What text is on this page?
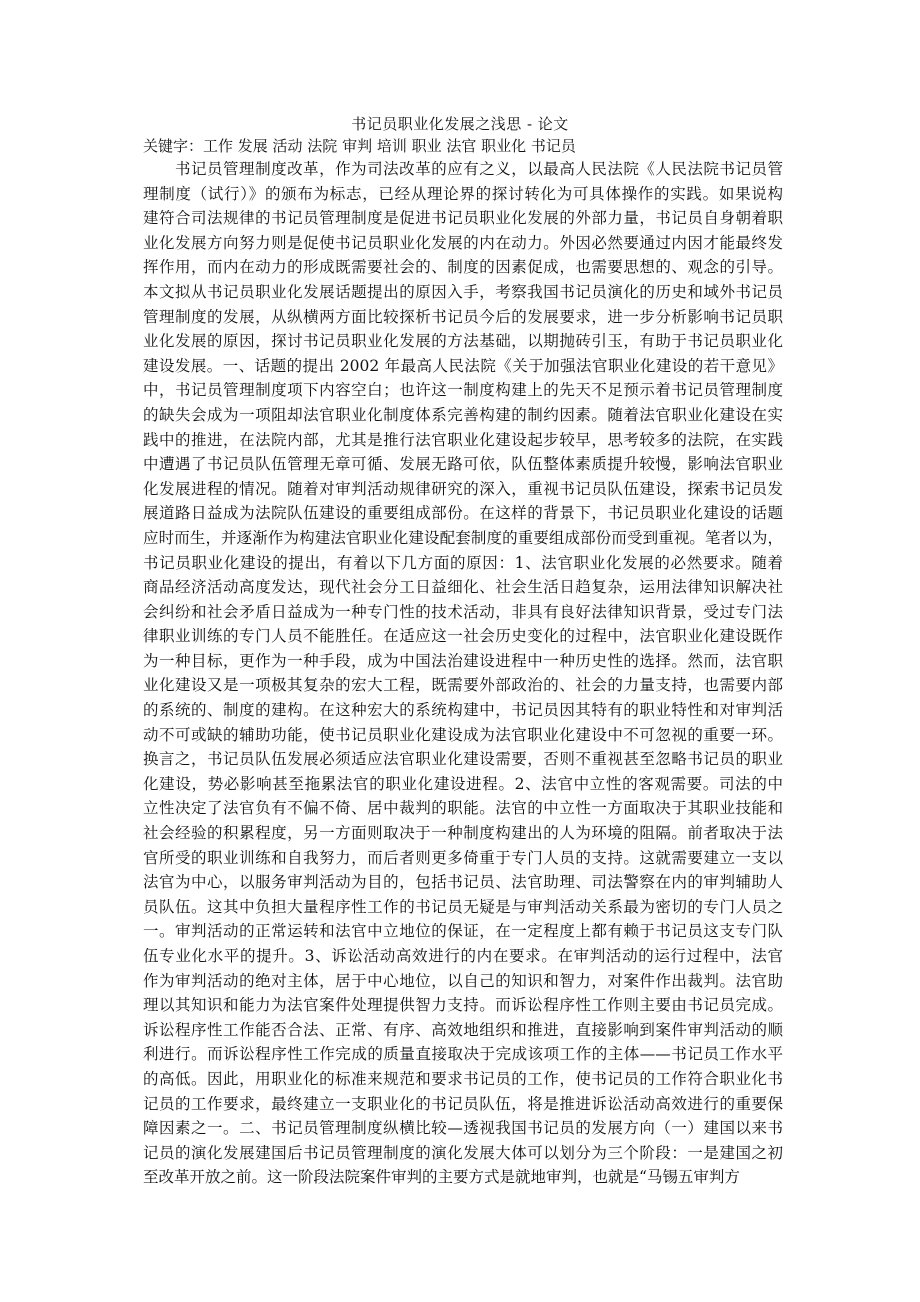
书记员职业化发展之浅思 - 论文
关键字：工作 发展 活动 法院 审判 培训 职业 法官 职业化 书记员
书记员管理制度改革，作为司法改革的应有之义，以最高人民法院《人民法院书记员管
理制度（试行）》的颁布为标志，已经从理论界的探讨转化为可具体操作的实践。如果说构
建符合司法规律的书记员管理制度是促进书记员职业化发展的外部力量，书记员自身朝着职
业化发展方向努力则是促使书记员职业化发展的内在动力。外因必然要通过内因才能最终发
挥作用，而内在动力的形成既需要社会的、制度的因素促成，也需要思想的、观念的引导。
本文拟从书记员职业化发展话题提出的原因入手，考察我国书记员演化的历史和域外书记员
管理制度的发展，从纵横两方面比较探析书记员今后的发展要求，进一步分析影响书记员职
业化发展的原因，探讨书记员职业化发展的方法基础，以期抛砖引玉，有助于书记员职业化
建设发展。一、话题的提出 2002 年最高人民法院《关于加强法官职业化建设的若干意见》
中，书记员管理制度项下内容空白；也许这一制度构建上的先天不足预示着书记员管理制度
的缺失会成为一项阻却法官职业化制度体系完善构建的制约因素。随着法官职业化建设在实
践中的推进，在法院内部，尤其是推行法官职业化建设起步较早，思考较多的法院，在实践
中遭遇了书记员队伍管理无章可循、发展无路可依，队伍整体素质提升较慢，影响法官职业
化发展进程的情况。随着对审判活动规律研究的深入，重视书记员队伍建设，探索书记员发
展道路日益成为法院队伍建设的重要组成部份。在这样的背景下，书记员职业化建设的话题
应时而生，并逐渐作为构建法官职业化建设配套制度的重要组成部份而受到重视。笔者以为，
书记员职业化建设的提出，有着以下几方面的原因：1、法官职业化发展的必然要求。随着
商品经济活动高度发达，现代社会分工日益细化、社会生活日趋复杂，运用法律知识解决社
会纠纷和社会矛盾日益成为一种专门性的技术活动，非具有良好法律知识背景，受过专门法
律职业训练的专门人员不能胜任。在适应这一社会历史变化的过程中，法官职业化建设既作
为一种目标，更作为一种手段，成为中国法治建设进程中一种历史性的选择。然而，法官职
业化建设又是一项极其复杂的宏大工程，既需要外部政治的、社会的力量支持，也需要内部
的系统的、制度的建构。在这种宏大的系统构建中，书记员因其特有的职业特性和对审判活
动不可或缺的辅助功能，使书记员职业化建设成为法官职业化建设中不可忽视的重要一环。
换言之，书记员队伍发展必须适应法官职业化建设需要，否则不重视甚至忽略书记员的职业
化建设，势必影响甚至拖累法官的职业化建设进程。2、法官中立性的客观需要。司法的中
立性决定了法官负有不偏不倚、居中裁判的职能。法官的中立性一方面取决于其职业技能和
社会经验的积累程度，另一方面则取决于一种制度构建出的人为环境的阻隔。前者取决于法
官所受的职业训练和自我努力，而后者则更多倚重于专门人员的支持。这就需要建立一支以
法官为中心，以服务审判活动为目的，包括书记员、法官助理、司法警察在内的审判辅助人
员队伍。这其中负担大量程序性工作的书记员无疑是与审判活动关系最为密切的专门人员之
一。审判活动的正常运转和法官中立地位的保证，在一定程度上都有赖于书记员这支专门队
伍专业化水平的提升。3、诉讼活动高效进行的内在要求。在审判活动的运行过程中，法官
作为审判活动的绝对主体，居于中心地位，以自己的知识和智力，对案件作出裁判。法官助
理以其知识和能力为法官案件处理提供智力支持。而诉讼程序性工作则主要由书记员完成。
诉讼程序性工作能否合法、正常、有序、高效地组织和推进，直接影响到案件审判活动的顺
利进行。而诉讼程序性工作完成的质量直接取决于完成该项工作的主体——书记员工作水平
的高低。因此，用职业化的标准来规范和要求书记员的工作，使书记员的工作符合职业化书
记员的工作要求，最终建立一支职业化的书记员队伍，将是推进诉讼活动高效进行的重要保
障因素之一。二、书记员管理制度纵横比较—透视我国书记员的发展方向（一）建国以来书
记员的演化发展建国后书记员管理制度的演化发展大体可以划分为三个阶段：一是建国之初
至改革开放之前。这一阶段法院案件审判的主要方式是就地审判，也就是“马锡五审判方
